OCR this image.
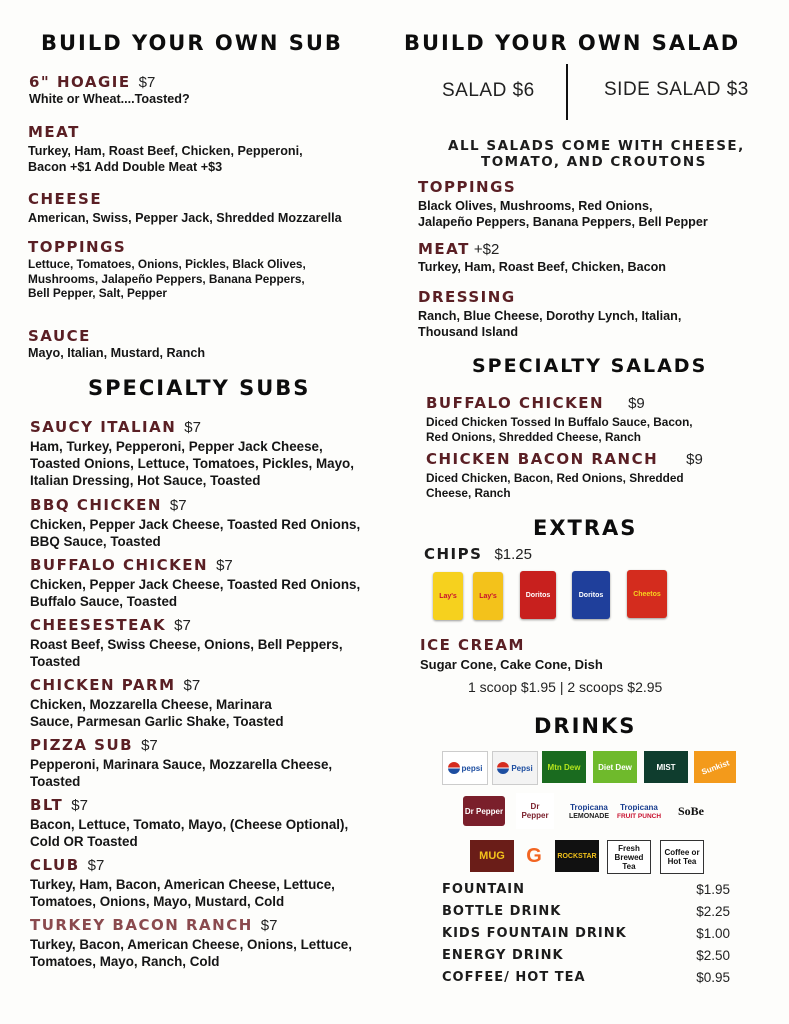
BUILD YOUR OWN SUB
6" HOAGIE $7
White or Wheat....Toasted?
MEAT
Turkey, Ham, Roast Beef, Chicken, Pepperoni,
Bacon +$1 Add Double Meat +$3
CHEESE
American, Swiss, Pepper Jack, Shredded Mozzarella
TOPPINGS
Lettuce, Tomatoes, Onions, Pickles, Black Olives,
Mushrooms, Jalapeño Peppers, Banana Peppers,
Bell Pepper, Salt, Pepper
SAUCE
Mayo, Italian, Mustard, Ranch
SPECIALTY SUBS
SAUCY ITALIAN $7
Ham, Turkey, Pepperoni, Pepper Jack Cheese,
Toasted Onions, Lettuce, Tomatoes, Pickles, Mayo,
Italian Dressing, Hot Sauce, Toasted
BBQ CHICKEN $7
Chicken, Pepper Jack Cheese, Toasted Red Onions,
BBQ Sauce, Toasted
BUFFALO CHICKEN $7
Chicken, Pepper Jack Cheese, Toasted Red Onions,
Buffalo Sauce, Toasted
CHEESESTEAK $7
Roast Beef, Swiss Cheese, Onions, Bell Peppers,
Toasted
CHICKEN PARM $7
Chicken, Mozzarella Cheese, Marinara
Sauce, Parmesan Garlic Shake, Toasted
PIZZA SUB $7
Pepperoni, Marinara Sauce, Mozzarella Cheese,
Toasted
BLT $7
Bacon, Lettuce, Tomato, Mayo, (Cheese Optional),
Cold OR Toasted
CLUB $7
Turkey, Ham, Bacon, American Cheese, Lettuce,
Tomatoes, Onions, Mayo, Mustard, Cold
TURKEY BACON RANCH $7
Turkey, Bacon, American Cheese, Onions, Lettuce,
Tomatoes, Mayo, Ranch, Cold
BUILD YOUR OWN SALAD
SALAD $6	SIDE SALAD $3
ALL SALADS COME WITH CHEESE,
TOMATO, AND CROUTONS
TOPPINGS
Black Olives, Mushrooms, Red Onions,
Jalapeño Peppers, Banana Peppers, Bell Pepper
MEAT +$2
Turkey, Ham, Roast Beef, Chicken, Bacon
DRESSING
Ranch, Blue Cheese, Dorothy Lynch, Italian,
Thousand Island
SPECIALTY SALADS
BUFFALO CHICKEN $9
Diced Chicken Tossed In Buffalo Sauce, Bacon,
Red Onions, Shredded Cheese, Ranch
CHICKEN BACON RANCH $9
Diced Chicken, Bacon, Red Onions, Shredded
Cheese, Ranch
EXTRAS
CHIPS $1.25
Lay's	Lay's	Doritos	Doritos	Cheetos
ICE CREAM
Sugar Cone, Cake Cone, Dish
1 scoop $1.95 | 2 scoops $2.95
DRINKS
pepsi	Pepsi Mtn Dew Diet Dew	MIST	Sunkist
Dr Pepper	Dr Pepper
Tropicana
LEMONADE
Tropicana
FRUIT PUNCH SoBe
MUG G ROCKSTAR
Fresh Brewed Tea
Coffee or Hot Tea
FOUNTAIN	$1.95
BOTTLE DRINK	$2.25
KIDS FOUNTAIN DRINK	$1.00
ENERGY DRINK	$2.50
COFFEE/ HOT TEA	$0.95
